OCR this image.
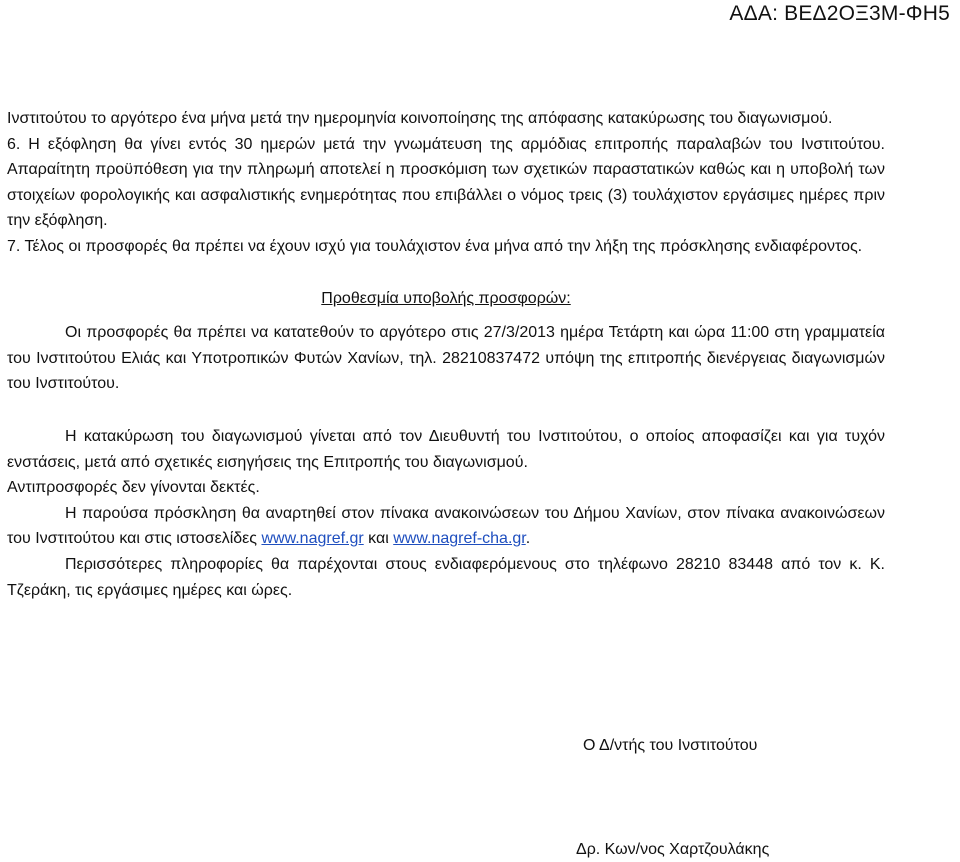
ΑΔΑ: ΒΕΔ2ΟΞ3Μ-ΦΗ5

Ινστιτούτου το αργότερο ένα μήνα μετά την ημερομηνία κοινοποίησης της απόφασης κατακύρωσης του διαγωνισμού.

6. Η εξόφληση θα γίνει εντός 30 ημερών μετά την γνωμάτευση της αρμόδιας επιτροπής παραλαβών του Ινστιτούτου. Απαραίτητη προϋπόθεση για την πληρωμή αποτελεί η προσκόμιση των σχετικών παραστατικών καθώς και η υποβολή των στοιχείων φορολογικής και ασφαλιστικής ενημερότητας που επιβάλλει ο νόμος τρεις (3) τουλάχιστον εργάσιμες ημέρες πριν την εξόφληση.

7. Τέλος οι προσφορές θα πρέπει να έχουν ισχύ για τουλάχιστον ένα μήνα από την λήξη της πρόσκλησης ενδιαφέροντος.

Προθεσμία υποβολής προσφορών:

Οι προσφορές θα πρέπει να κατατεθούν το αργότερο στις 27/3/2013 ημέρα Τετάρτη και ώρα 11:00 στη γραμματεία του Ινστιτούτου Ελιάς και Υποτροπικών Φυτών Χανίων, τηλ. 28210837472 υπόψη της επιτροπής διενέργειας διαγωνισμών του Ινστιτούτου.

Η κατακύρωση του διαγωνισμού γίνεται από τον Διευθυντή του Ινστιτούτου, ο οποίος αποφασίζει και για τυχόν ενστάσεις, μετά από σχετικές εισηγήσεις της Επιτροπής του διαγωνισμού.

Αντιπροσφορές δεν γίνονται δεκτές.

Η παρούσα πρόσκληση θα αναρτηθεί στον πίνακα ανακοινώσεων του Δήμου Χανίων, στον πίνακα ανακοινώσεων του Ινστιτούτου και στις ιστοσελίδες www.nagref.gr και www.nagref-cha.gr.

Περισσότερες πληροφορίες θα παρέχονται στους ενδιαφερόμενους στο τηλέφωνο 28210 83448 από τον κ. Κ. Τζεράκη, τις εργάσιμες ημέρες και ώρες.

Ο Δ/ντής του Ινστιτούτου
Δρ. Κων/νος Χαρτζουλάκης
